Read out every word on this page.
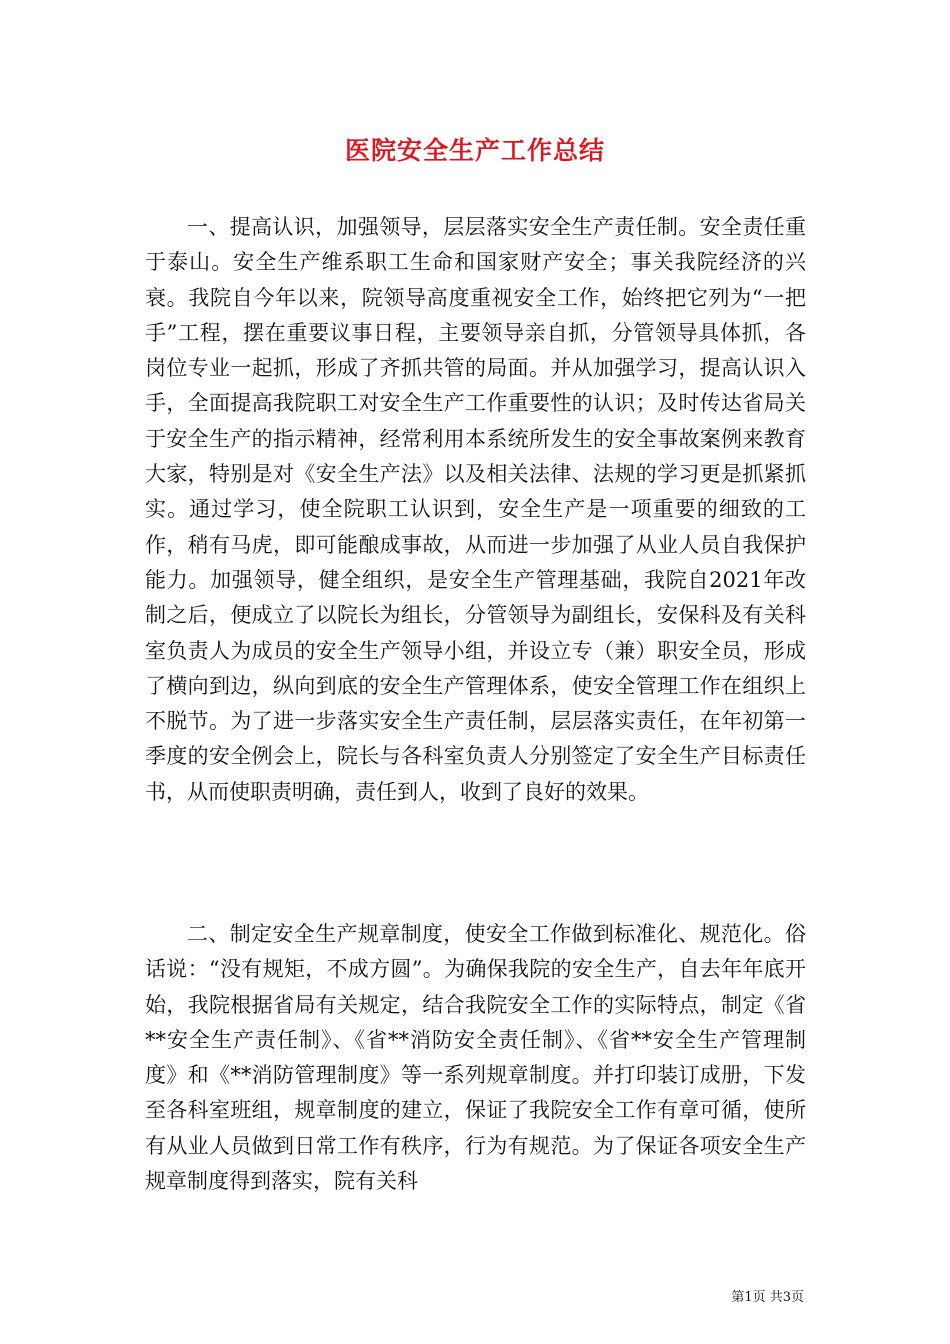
医院安全生产工作总结

一、提高认识，加强领导，层层落实安全生产责任制。安全责任重于泰山。安全生产维系职工生命和国家财产安全；事关我院经济的兴衰。我院自今年以来，院领导高度重视安全工作，始终把它列为“一把手”工程，摆在重要议事日程，主要领导亲自抓，分管领导具体抓，各岗位专业一起抓，形成了齐抓共管的局面。并从加强学习，提高认识入手，全面提高我院职工对安全生产工作重要性的认识；及时传达省局关于安全生产的指示精神，经常利用本系统所发生的安全事故案例来教育大家，特别是对《安全生产法》以及相关法律、法规的学习更是抓紧抓实。通过学习，使全院职工认识到，安全生产是一项重要的细致的工作，稍有马虎，即可能酿成事故，从而进一步加强了从业人员自我保护能力。加强领导，健全组织，是安全生产管理基础，我院自2021年改制之后，便成立了以院长为组长，分管领导为副组长，安保科及有关科室负责人为成员的安全生产领导小组，并设立专（兼）职安全员，形成了横向到边，纵向到底的安全生产管理体系，使安全管理工作在组织上不脱节。为了进一步落实安全生产责任制，层层落实责任，在年初第一季度的安全例会上，院长与各科室负责人分别签定了安全生产目标责任书，从而使职责明确，责任到人，收到了良好的效果。

二、制定安全生产规章制度，使安全工作做到标准化、规范化。俗话说：“没有规矩，不成方圆”。为确保我院的安全生产，自去年年底开始，我院根据省局有关规定，结合我院安全工作的实际特点，制定《省**安全生产责任制》、《省**消防安全责任制》、《省**安全生产管理制度》和《**消防管理制度》等一系列规章制度。并打印装订成册，下发至各科室班组，规章制度的建立，保证了我院安全工作有章可循，使所有从业人员做到日常工作有秩序，行为有规范。为了保证各项安全生产规章制度得到落实，院有关科

第1页 共3页
